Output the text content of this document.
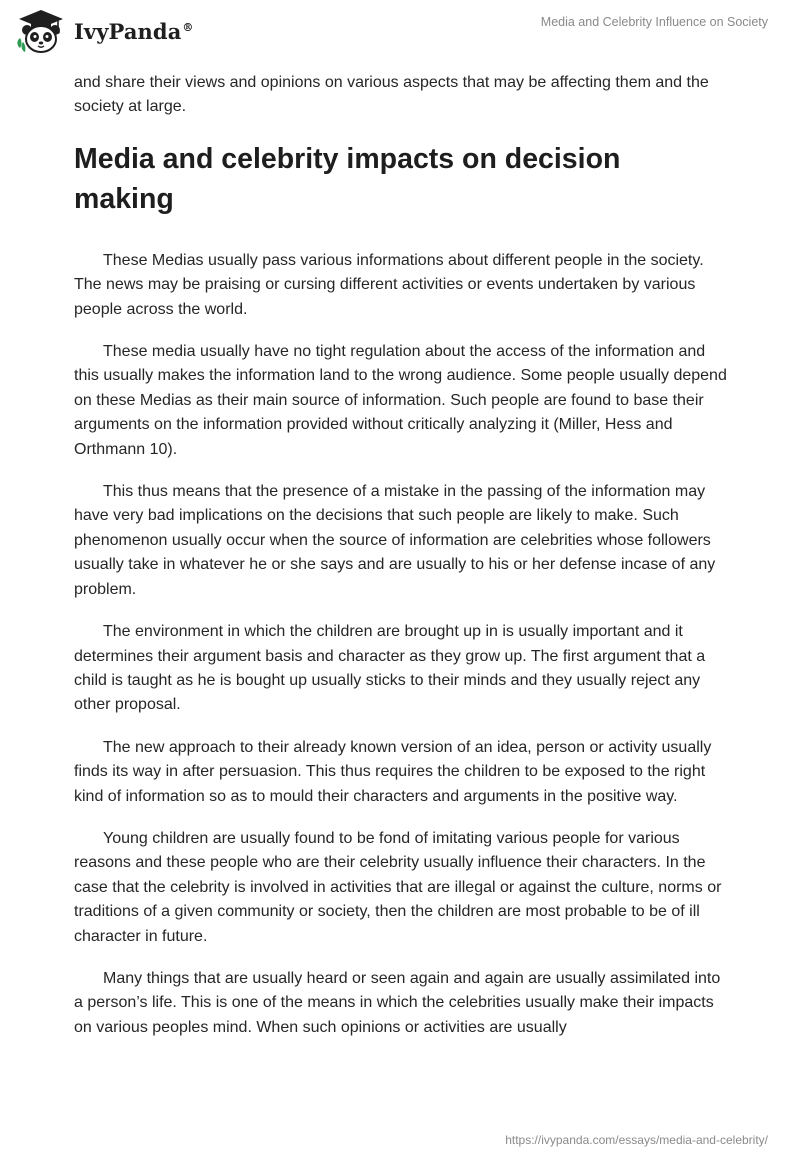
IvyPanda®	Media and Celebrity Influence on Society

and share their views and opinions on various aspects that may be affecting them and the society at large.

Media and celebrity impacts on decision making

These Medias usually pass various informations about different people in the society. The news may be praising or cursing different activities or events undertaken by various people across the world.

These media usually have no tight regulation about the access of the information and this usually makes the information land to the wrong audience. Some people usually depend on these Medias as their main source of information. Such people are found to base their arguments on the information provided without critically analyzing it (Miller, Hess and Orthmann 10).

This thus means that the presence of a mistake in the passing of the information may have very bad implications on the decisions that such people are likely to make. Such phenomenon usually occur when the source of information are celebrities whose followers usually take in whatever he or she says and are usually to his or her defense incase of any problem.

The environment in which the children are brought up in is usually important and it determines their argument basis and character as they grow up. The first argument that a child is taught as he is bought up usually sticks to their minds and they usually reject any other proposal.

The new approach to their already known version of an idea, person or activity usually finds its way in after persuasion. This thus requires the children to be exposed to the right kind of information so as to mould their characters and arguments in the positive way.

Young children are usually found to be fond of imitating various people for various reasons and these people who are their celebrity usually influence their characters. In the case that the celebrity is involved in activities that are illegal or against the culture, norms or traditions of a given community or society, then the children are most probable to be of ill character in future.

Many things that are usually heard or seen again and again are usually assimilated into a person’s life. This is one of the means in which the celebrities usually make their impacts on various peoples mind. When such opinions or activities are usually

https://ivypanda.com/essays/media-and-celebrity/
